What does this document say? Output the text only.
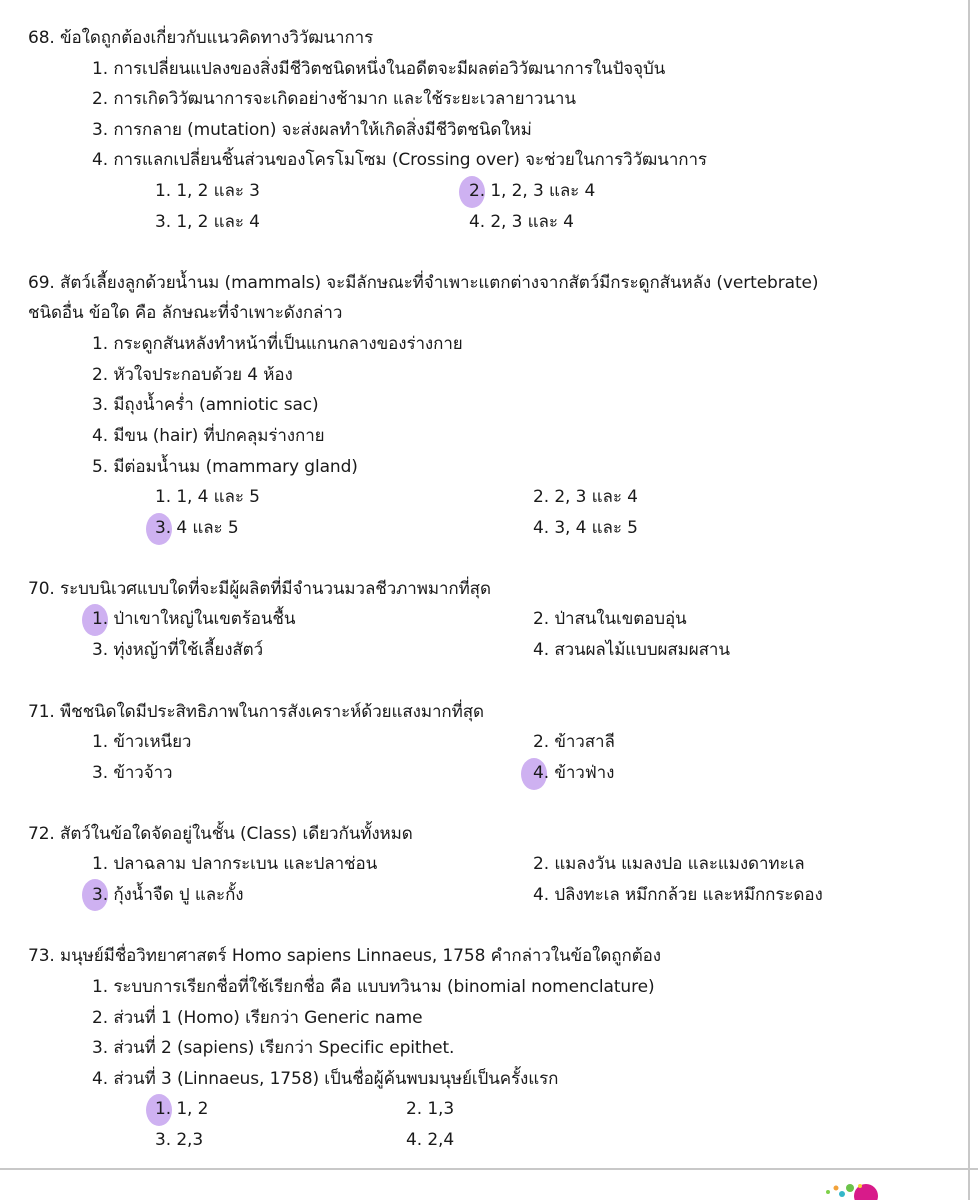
68. ข้อใดถูกต้องเกี่ยวกับแนวคิดทางวิวัฒนาการ
1. การเปลี่ยนแปลงของสิ่งมีชีวิตชนิดหนึ่งในอดีตจะมีผลต่อวิวัฒนาการในปัจจุบัน
2. การเกิดวิวัฒนาการจะเกิดอย่างช้ามาก และใช้ระยะเวลายาวนาน
3. การกลาย (mutation) จะส่งผลทำให้เกิดสิ่งมีชีวิตชนิดใหม่
4. การแลกเปลี่ยนชิ้นส่วนของโครโมโซม (Crossing over) จะช่วยในการวิวัฒนาการ
1. 1, 2 และ 3	2. 1, 2, 3 และ 4
3. 1, 2 และ 4	4. 2, 3 และ 4
69. สัตว์เลี้ยงลูกด้วยน้ำนม (mammals) จะมีลักษณะที่จำเพาะแตกต่างจากสัตว์มีกระดูกสันหลัง (vertebrate)
ชนิดอื่น ข้อใด คือ ลักษณะที่จำเพาะดังกล่าว
1. กระดูกสันหลังทำหน้าที่เป็นแกนกลางของร่างกาย
2. หัวใจประกอบด้วย 4 ห้อง
3. มีถุงน้ำคร่ำ (amniotic sac)
4. มีขน (hair) ที่ปกคลุมร่างกาย
5. มีต่อมน้ำนม (mammary gland)
1. 1, 4 และ 5	2. 2, 3 และ 4
3. 4 และ 5	4. 3, 4 และ 5
70. ระบบนิเวศแบบใดที่จะมีผู้ผลิตที่มีจำนวนมวลชีวภาพมากที่สุด
1. ป่าเขาใหญ่ในเขตร้อนชื้น	2. ป่าสนในเขตอบอุ่น
3. ทุ่งหญ้าที่ใช้เลี้ยงสัตว์	4. สวนผลไม้แบบผสมผสาน
71. พืชชนิดใดมีประสิทธิภาพในการสังเคราะห์ด้วยแสงมากที่สุด
1. ข้าวเหนียว	2. ข้าวสาลี
3. ข้าวจ้าว	4. ข้าวฟ่าง
72. สัตว์ในข้อใดจัดอยู่ในชั้น (Class) เดียวกันทั้งหมด
1. ปลาฉลาม ปลากระเบน และปลาช่อน	2. แมลงวัน แมลงปอ และแมงดาทะเล
3. กุ้งน้ำจืด ปู และกั้ง	4. ปลิงทะเล หมึกกล้วย และหมึกกระดอง
73. มนุษย์มีชื่อวิทยาศาสตร์ Homo sapiens Linnaeus, 1758 คำกล่าวในข้อใดถูกต้อง
1. ระบบการเรียกชื่อที่ใช้เรียกชื่อ คือ แบบทวินาม (binomial nomenclature)
2. ส่วนที่ 1 (Homo) เรียกว่า Generic name
3. ส่วนที่ 2 (sapiens) เรียกว่า Specific epithet.
4. ส่วนที่ 3 (Linnaeus, 1758) เป็นชื่อผู้ค้นพบมนุษย์เป็นครั้งแรก
1. 1, 2	2. 1,3
3. 2,3	4. 2,4
